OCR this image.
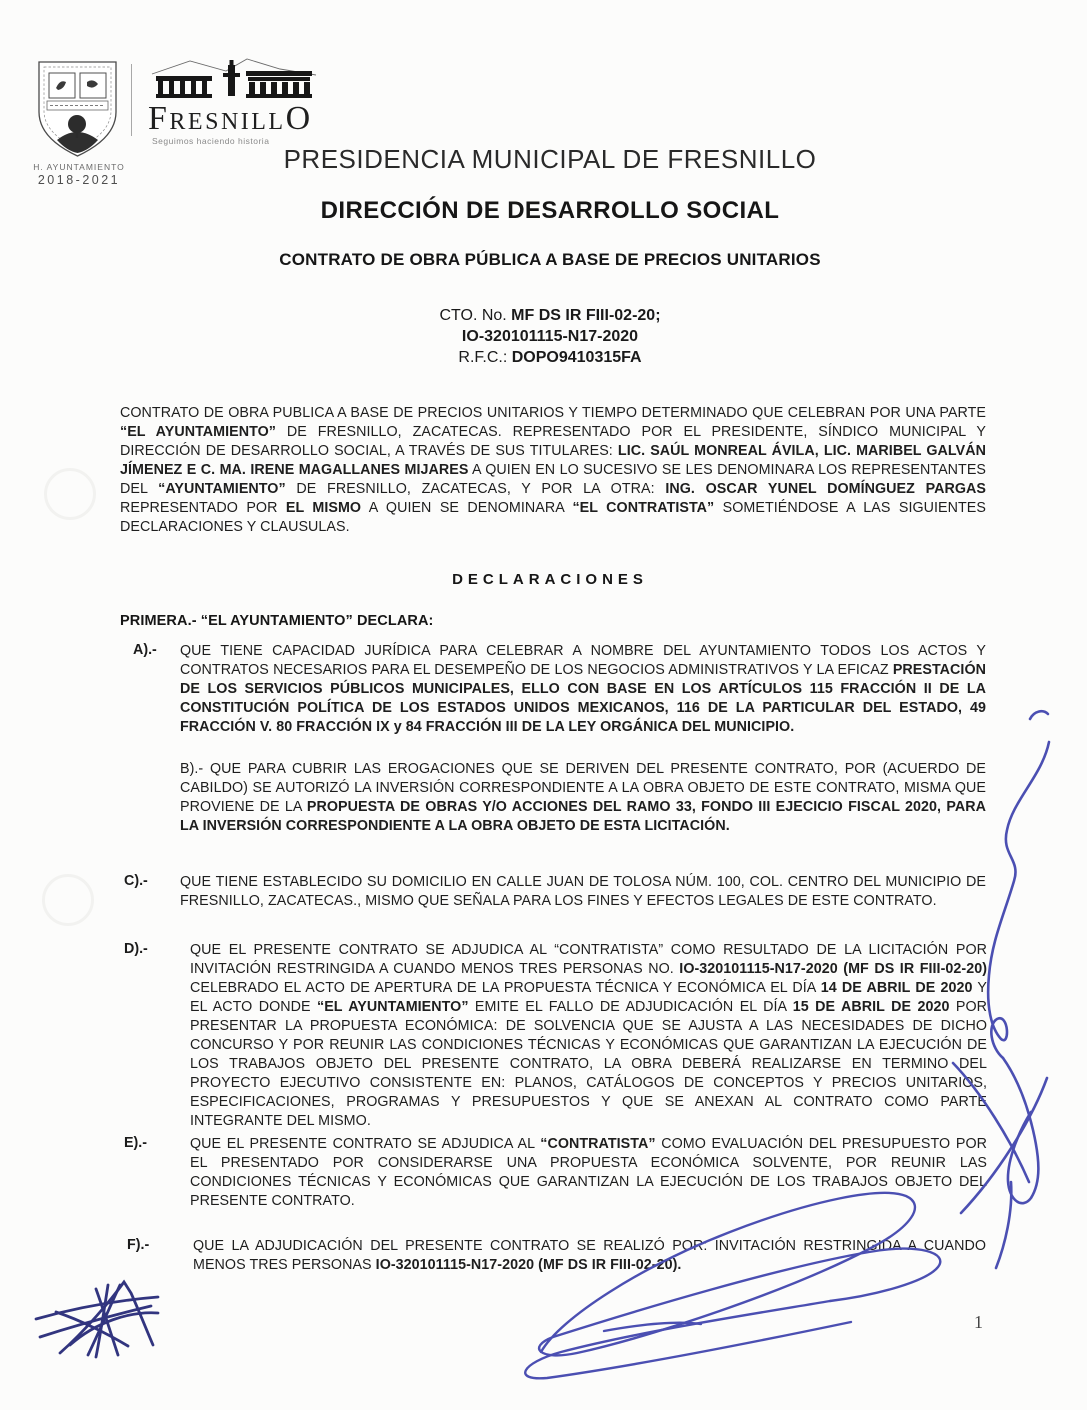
H. AYUNTAMIENTO
2018-2021
FRESNILLO
Seguimos haciendo historia
PRESIDENCIA MUNICIPAL DE FRESNILLO
DIRECCIÓN DE DESARROLLO SOCIAL
CONTRATO DE OBRA PÚBLICA A BASE DE PRECIOS UNITARIOS
CTO. No. MF DS IR FIII-02-20;
IO-320101115-N17-2020
R.F.C.: DOPO9410315FA
CONTRATO DE OBRA PUBLICA A BASE DE PRECIOS UNITARIOS Y TIEMPO DETERMINADO QUE CELEBRAN POR UNA PARTE “EL AYUNTAMIENTO” DE FRESNILLO, ZACATECAS. REPRESENTADO POR EL PRESIDENTE, SÍNDICO MUNICIPAL Y DIRECCIÓN DE DESARROLLO SOCIAL, A TRAVÉS DE SUS TITULARES: LIC. SAÚL MONREAL ÁVILA, LIC. MARIBEL GALVÁN JÍMENEZ E C. MA. IRENE MAGALLANES MIJARES A QUIEN EN LO SUCESIVO SE LES DENOMINARA LOS REPRESENTANTES DEL “AYUNTAMIENTO” DE FRESNILLO, ZACATECAS, Y POR LA OTRA: ING. OSCAR YUNEL DOMÍNGUEZ PARGAS REPRESENTADO POR EL MISMO A QUIEN SE DENOMINARA “EL CONTRATISTA” SOMETIÉNDOSE A LAS SIGUIENTES DECLARACIONES Y CLAUSULAS.
DECLARACIONES
PRIMERA.- “EL AYUNTAMIENTO” DECLARA:
A).- QUE TIENE CAPACIDAD JURÍDICA PARA CELEBRAR A NOMBRE DEL AYUNTAMIENTO TODOS LOS ACTOS Y CONTRATOS NECESARIOS PARA EL DESEMPEÑO DE LOS NEGOCIOS ADMINISTRATIVOS Y LA EFICAZ PRESTACIÓN DE LOS SERVICIOS PÚBLICOS MUNICIPALES, ELLO CON BASE EN LOS ARTÍCULOS 115 FRACCIÓN II DE LA CONSTITUCIÓN POLÍTICA DE LOS ESTADOS UNIDOS MEXICANOS, 116 DE LA PARTICULAR DEL ESTADO, 49 FRACCIÓN V. 80 FRACCIÓN IX y 84 FRACCIÓN III DE LA LEY ORGÁNICA DEL MUNICIPIO.
B).- QUE PARA CUBRIR LAS EROGACIONES QUE SE DERIVEN DEL PRESENTE CONTRATO, POR (ACUERDO DE CABILDO) SE AUTORIZÓ LA INVERSIÓN CORRESPONDIENTE A LA OBRA OBJETO DE ESTE CONTRATO, MISMA QUE PROVIENE DE LA PROPUESTA DE OBRAS Y/O ACCIONES DEL RAMO 33, FONDO III EJECICIO FISCAL 2020, PARA LA INVERSIÓN CORRESPONDIENTE A LA OBRA OBJETO DE ESTA LICITACIÓN.
C).- QUE TIENE ESTABLECIDO SU DOMICILIO EN CALLE JUAN DE TOLOSA NÚM. 100, COL. CENTRO DEL MUNICIPIO DE FRESNILLO, ZACATECAS., MISMO QUE SEÑALA PARA LOS FINES Y EFECTOS LEGALES DE ESTE CONTRATO.
D).-	QUE EL PRESENTE CONTRATO SE ADJUDICA AL “CONTRATISTA” COMO RESULTADO DE LA LICITACIÓN POR INVITACIÓN RESTRINGIDA A CUANDO MENOS TRES PERSONAS NO. IO-320101115-N17-2020 (MF DS IR FIII-02-20) CELEBRADO EL ACTO DE APERTURA DE LA PROPUESTA TÉCNICA Y ECONÓMICA EL DÍA 14 DE ABRIL DE 2020 Y EL ACTO DONDE “EL AYUNTAMIENTO” EMITE EL FALLO DE ADJUDICACIÓN EL DÍA 15 DE ABRIL DE 2020 POR PRESENTAR LA PROPUESTA ECONÓMICA: DE SOLVENCIA QUE SE AJUSTA A LAS NECESIDADES DE DICHO CONCURSO Y POR REUNIR LAS CONDICIONES TÉCNICAS Y ECONÓMICAS QUE GARANTIZAN LA EJECUCIÓN DE LOS TRABAJOS OBJETO DEL PRESENTE CONTRATO, LA OBRA DEBERÁ REALIZARSE EN TERMINO DEL PROYECTO EJECUTIVO CONSISTENTE EN: PLANOS, CATÁLOGOS DE CONCEPTOS Y PRECIOS UNITARIOS, ESPECIFICACIONES, PROGRAMAS Y PRESUPUESTOS Y QUE SE ANEXAN AL CONTRATO COMO PARTE INTEGRANTE DEL MISMO.
E).-	QUE EL PRESENTE CONTRATO SE ADJUDICA AL “CONTRATISTA” COMO EVALUACIÓN DEL PRESUPUESTO POR EL PRESENTADO POR CONSIDERARSE UNA PROPUESTA ECONÓMICA SOLVENTE, POR REUNIR LAS CONDICIONES TÉCNICAS Y ECONÓMICAS QUE GARANTIZAN LA EJECUCIÓN DE LOS TRABAJOS OBJETO DEL PRESENTE CONTRATO.
F).-	QUE LA ADJUDICACIÓN DEL PRESENTE CONTRATO SE REALIZÓ POR: INVITACIÓN RESTRINGIDA A CUANDO MENOS TRES PERSONAS IO-320101115-N17-2020 (MF DS IR FIII-02-20).
1
